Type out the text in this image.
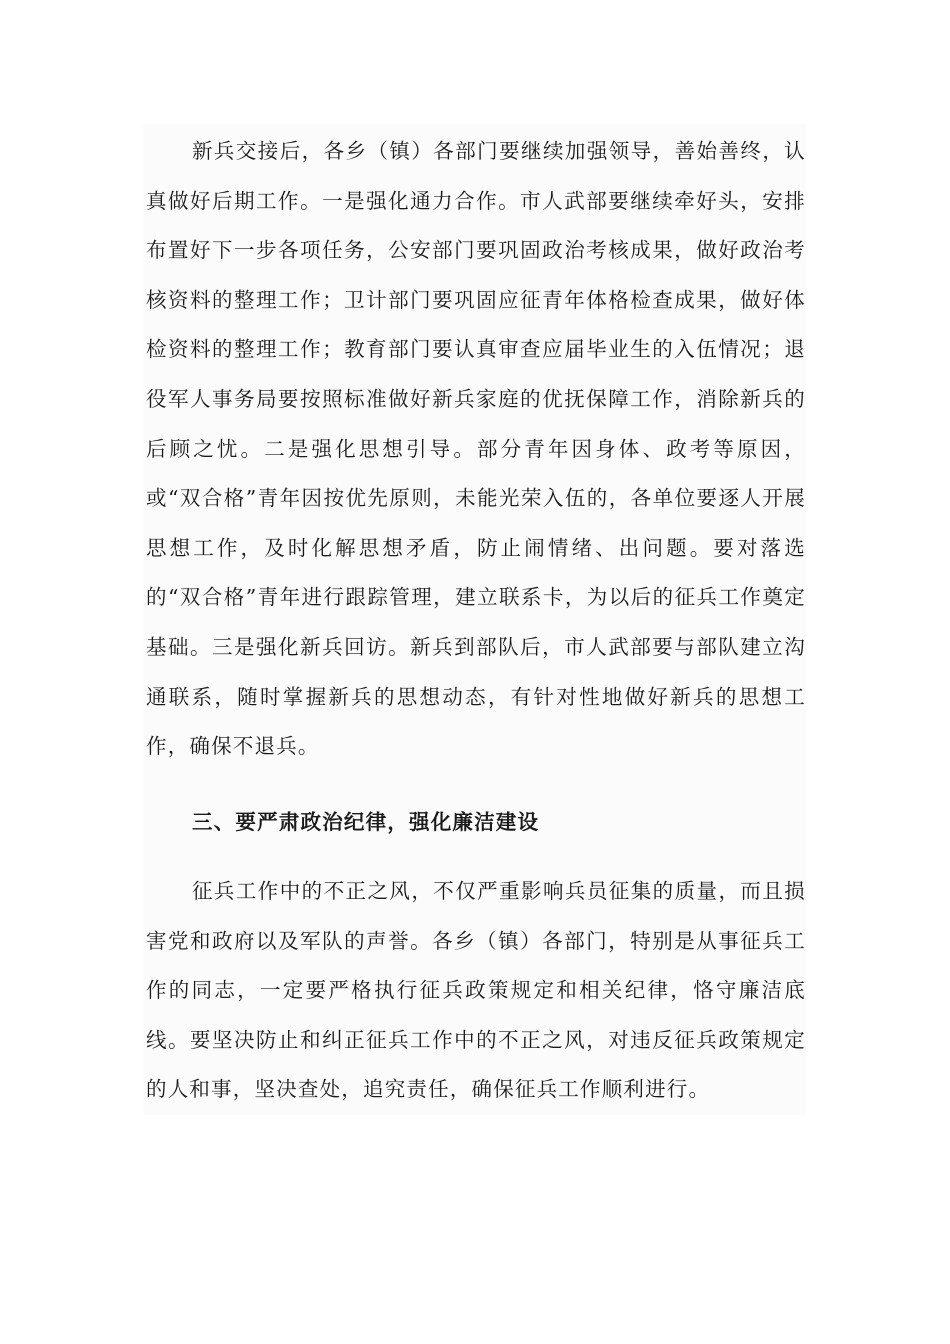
新兵交接后，各乡（镇）各部门要继续加强领导，善始善终，认真做好后期工作。一是强化通力合作。市人武部要继续牵好头，安排布置好下一步各项任务，公安部门要巩固政治考核成果，做好政治考核资料的整理工作；卫计部门要巩固应征青年体格检查成果，做好体检资料的整理工作；教育部门要认真审查应届毕业生的入伍情况；退役军人事务局要按照标准做好新兵家庭的优抚保障工作，消除新兵的后顾之忧。二是强化思想引导。部分青年因身体、政考等原因，或“双合格”青年因按优先原则，未能光荣入伍的，各单位要逐人开展思想工作，及时化解思想矛盾，防止闹情绪、出问题。要对落选的“双合格”青年进行跟踪管理，建立联系卡，为以后的征兵工作奠定基础。三是强化新兵回访。新兵到部队后，市人武部要与部队建立沟通联系，随时掌握新兵的思想动态，有针对性地做好新兵的思想工作，确保不退兵。

三、要严肃政治纪律，强化廉洁建设

征兵工作中的不正之风，不仅严重影响兵员征集的质量，而且损害党和政府以及军队的声誉。各乡（镇）各部门，特别是从事征兵工作的同志，一定要严格执行征兵政策规定和相关纪律，恪守廉洁底线。要坚决防止和纠正征兵工作中的不正之风，对违反征兵政策规定的人和事，坚决查处，追究责任，确保征兵工作顺利进行。
